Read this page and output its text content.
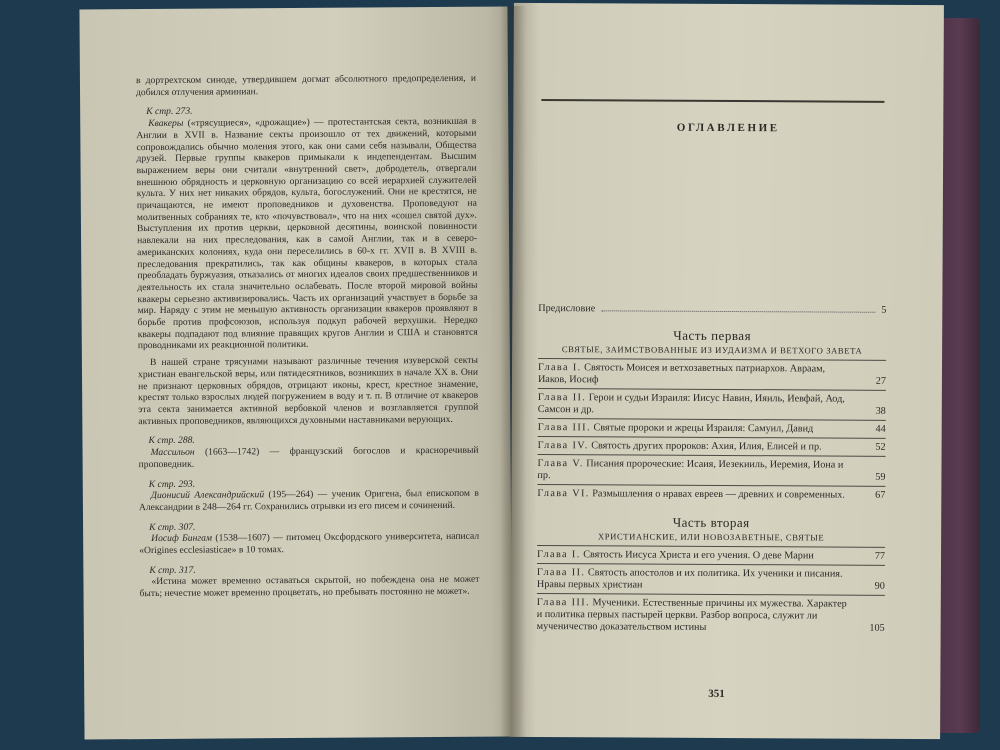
в дортрехтском синоде, утвердившем догмат абсолютного предопределения, и добился отлучения арминиан.

К стр. 273.

Квакеры («трясущиеся», «дрожащие») — протестантская секта, возникшая в Англии в XVII в. Название секты произошло от тех движений, которыми сопровождались обычно моления этого, как они сами себя называли, Общества друзей. Первые группы квакеров примыкали к индепендентам. Высшим выражением веры они считали «внутренний свет», добродетель, отвергали внешнюю обрядность и церковную организацию со всей иерархией служителей культа. У них нет никаких обрядов, культа, богослужений. Они не крестятся, не причащаются, не имеют проповедников и духовенства. Проповедуют на молитвенных собраниях те, кто «почувствовал», что на них «сошел святой дух». Выступления их против церкви, церковной десятины, воинской повинности навлекали на них преследования, как в самой Англии, так и в северо-американских колониях, куда они переселились в 60-х гг. XVII в. В XVIII в. преследования прекратились, так как общины квакеров, в которых стала преобладать буржуазия, отказались от многих идеалов своих предшественников и деятельность их стала значительно ослабевать. После второй мировой войны квакеры серьезно активизировались. Часть их организаций участвует в борьбе за мир. Наряду с этим не меньшую активность организации квакеров проявляют в борьбе против профсоюзов, используя подкуп рабочей верхушки. Нередко квакеры подпадают под влияние правящих кругов Англии и США и становятся проводниками их реакционной политики.

В нашей стране трясунами называют различные течения изуверской секты христиан евангельской веры, или пятидесятников, возникших в начале XX в. Они не признают церковных обрядов, отрицают иконы, крест, крестное знамение, крестят только взрослых людей погружением в воду и т. п. В отличие от квакеров эта секта занимается активной вербовкой членов и возглавляется группой активных проповедников, являющихся духовными наставниками верующих.

К стр. 288.

Массильон (1663—1742) — французский богослов и красноречивый проповедник.

К стр. 293.

Дионисий Александрийский (195—264) — ученик Оригена, был епископом в Александрии в 248—264 гг. Сохранились отрывки из его писем и сочинений.

К стр. 307.

Иосиф Бингам (1538—1607) — питомец Оксфордского университета, написал «Origines ecclesiasticae» в 10 томах.

К стр. 317.

«Истина может временно оставаться скрытой, но побеждена она не может быть; нечестие может временно процветать, но пребывать постоянно не может».

ОГЛАВЛЕНИЕ
Предисловие	5
Часть первая
СВЯТЫЕ, ЗАИМСТВОВАННЫЕ ИЗ ИУДАИЗМА И ВЕТХОГО ЗАВЕТА
Глава I. Святость Моисея и ветхозаветных патриархов. Авраам, Иаков, Иосиф	27
Глава II. Герои и судьи Израиля: Иисус Навин, Ияиль, Иевфай, Аод, Самсон и др.	38
Глава III. Святые пророки и жрецы Израиля: Самуил, Давид	44
Глава IV. Святость других пророков: Ахия, Илия, Елисей и пр.	52
Глава V. Писания пророческие: Исаия, Иезекииль, Иеремия, Иона и пр.	59
Глава VI. Размышления о нравах евреев — древних и современных.	67
Часть вторая
ХРИСТИАНСКИЕ, ИЛИ НОВОЗАВЕТНЫЕ, СВЯТЫЕ
Глава I. Святость Иисуса Христа и его учения. О деве Марии	77
Глава II. Святость апостолов и их политика. Их ученики и писания. Нравы первых христиан	90
Глава III. Мученики. Естественные причины их мужества. Характер и политика первых пастырей церкви. Разбор вопроса, служит ли мученичество доказательством истины	105
351
